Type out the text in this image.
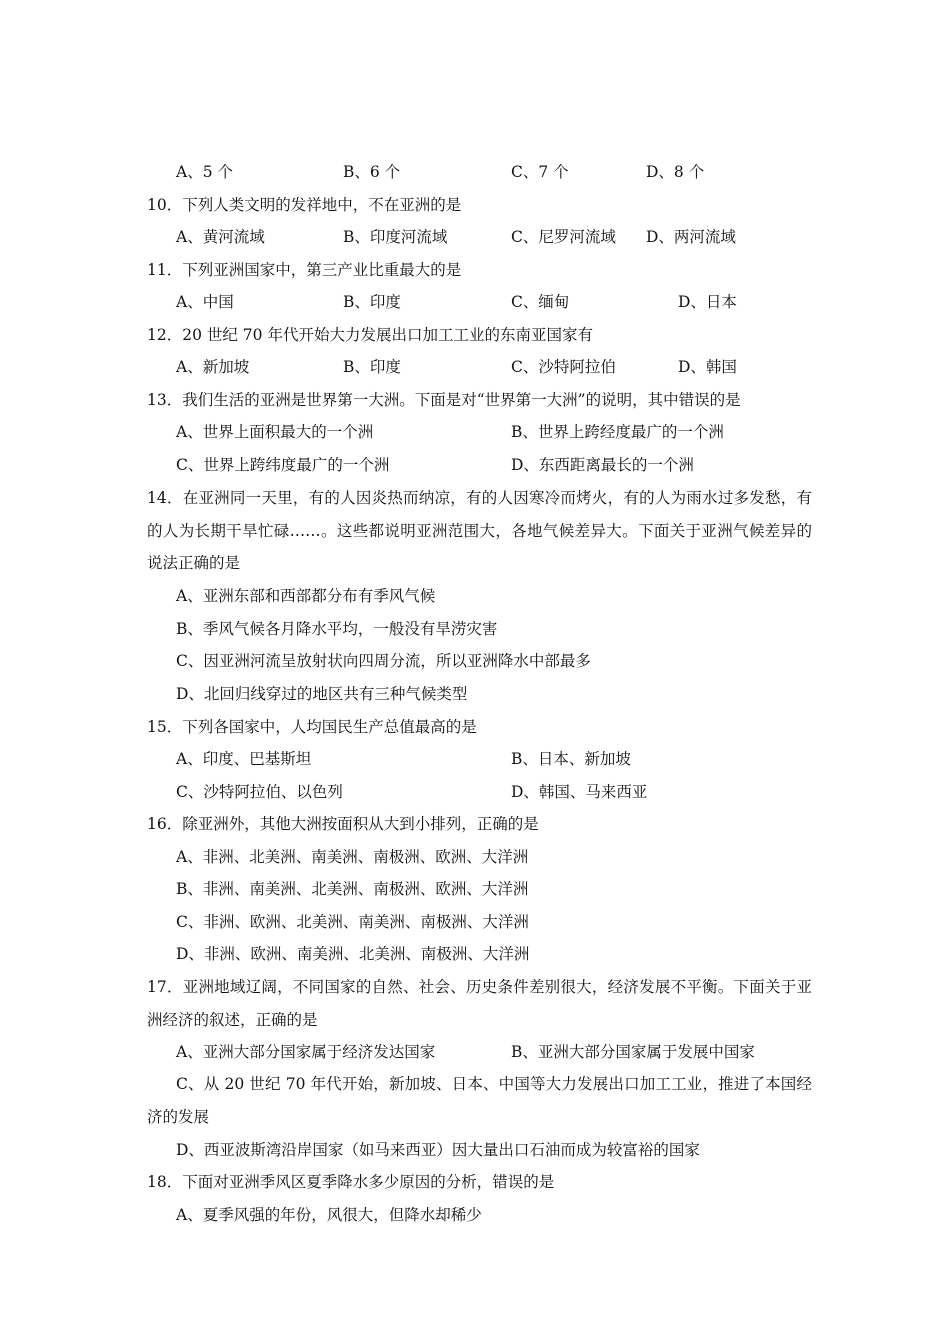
A、5 个	B、6 个	C、7 个	D、8 个
10．下列人类文明的发祥地中，不在亚洲的是
A、黄河流域	B、印度河流域	C、尼罗河流域 D、两河流域
11．下列亚洲国家中，第三产业比重最大的是
A、中国	B、印度	C、缅甸	D、日本
12．20 世纪 70 年代开始大力发展出口加工工业的东南亚国家有
A、新加坡	B、印度	C、沙特阿拉伯	D、韩国
13．我们生活的亚洲是世界第一大洲。下面是对“世界第一大洲”的说明，其中错误的是
A、世界上面积最大的一个洲	B、世界上跨经度最广的一个洲
C、世界上跨纬度最广的一个洲	D、东西距离最长的一个洲
14．在亚洲同一天里，有的人因炎热而纳凉，有的人因寒冷而烤火，有的人为雨水过多发愁，有的人为长期干旱忙碌……。这些都说明亚洲范围大，各地气候差异大。下面关于亚洲气候差异的说法正确的是
A、亚洲东部和西部都分布有季风气候
B、季风气候各月降水平均，一般没有旱涝灾害
C、因亚洲河流呈放射状向四周分流，所以亚洲降水中部最多
D、北回归线穿过的地区共有三种气候类型
15．下列各国家中，人均国民生产总值最高的是
A、印度、巴基斯坦	B、日本、新加坡
C、沙特阿拉伯、以色列	D、韩国、马来西亚
16．除亚洲外，其他大洲按面积从大到小排列，正确的是
A、非洲、北美洲、南美洲、南极洲、欧洲、大洋洲
B、非洲、南美洲、北美洲、南极洲、欧洲、大洋洲
C、非洲、欧洲、北美洲、南美洲、南极洲、大洋洲
D、非洲、欧洲、南美洲、北美洲、南极洲、大洋洲
17．亚洲地域辽阔，不同国家的自然、社会、历史条件差别很大，经济发展不平衡。下面关于亚洲经济的叙述，正确的是
A、亚洲大部分国家属于经济发达国家	B、亚洲大部分国家属于发展中国家
C、从 20 世纪 70 年代开始，新加坡、日本、中国等大力发展出口加工工业，推进了本国经济的发展
D、西亚波斯湾沿岸国家（如马来西亚）因大量出口石油而成为较富裕的国家
18．下面对亚洲季风区夏季降水多少原因的分析，错误的是
A、夏季风强的年份，风很大，但降水却稀少
